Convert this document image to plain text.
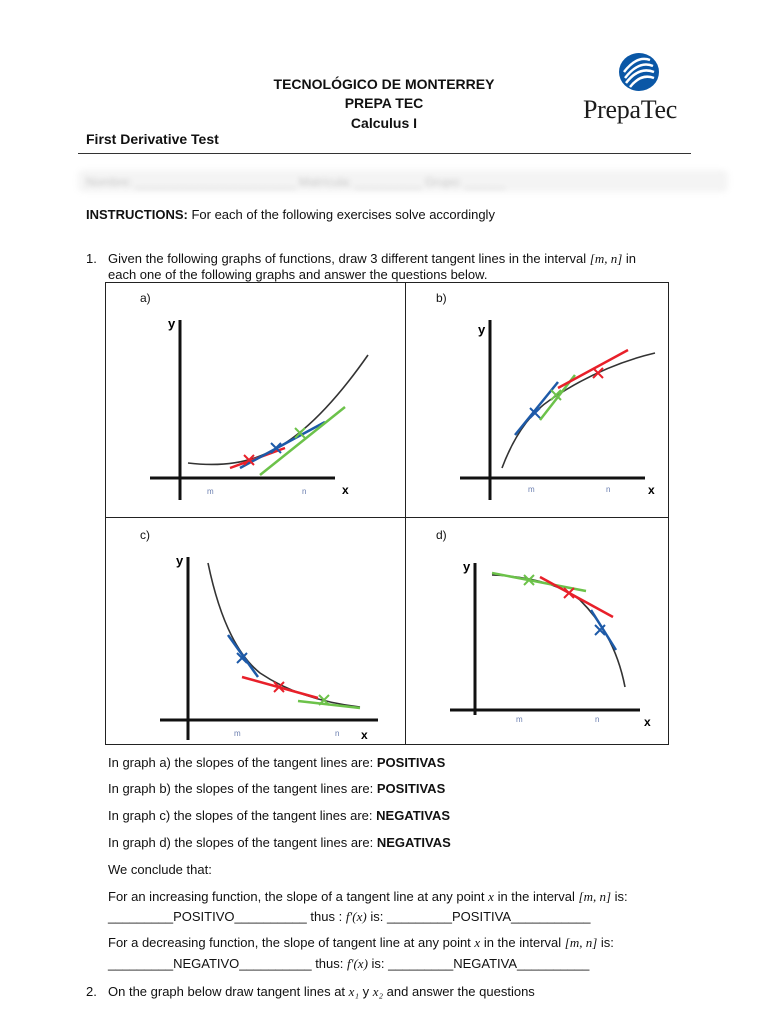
TECNOLÓGICO DE MONTERREY
PREPA TEC
Calculus I	PrepaTec
First Derivative Test
Nombre: ________________________ Matrícula: __________ Grupo: ______
INSTRUCTIONS: For each of the following exercises solve accordingly
1. Given the following graphs of functions, draw 3 different tangent lines in the interval [m, n] in
each one of the following graphs and answer the questions below.
a)	b)
c)	d)
y
x
m	n
y
x
m	n
y
x
m	n
y
x
m	n
In graph a) the slopes of the tangent lines are: POSITIVAS
In graph b) the slopes of the tangent lines are: POSITIVAS
In graph c) the slopes of the tangent lines are: NEGATIVAS
In graph d) the slopes of the tangent lines are: NEGATIVAS
We conclude that:
For an increasing function, the slope of a tangent line at any point x in the interval [m, n] is:
_________POSITIVO__________ thus : f′(x) is: _________POSITIVA___________
For a decreasing function, the slope of tangent line at any point x in the interval [m, n] is:
_________NEGATIVO__________ thus: f′(x) is: _________NEGATIVA__________
2. On the graph below draw tangent lines at x₁ y x₂ and answer the questions
